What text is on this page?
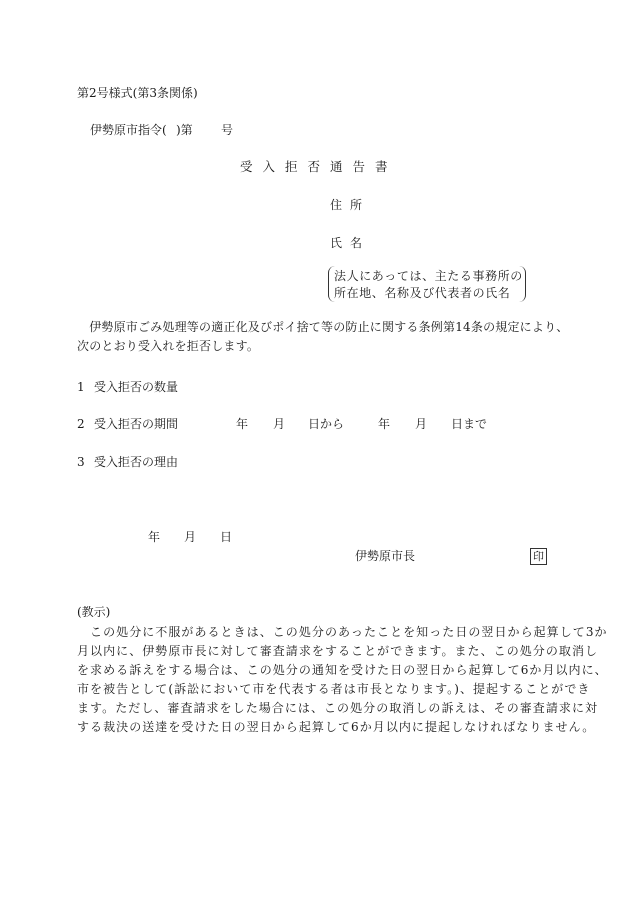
第2号様式(第3条関係)
伊勢原市指令( )第 号
受入拒否通告書
住所
氏名
法人にあっては、主たる事務所の
所在地、名称及び代表者の氏名
　伊勢原市ごみ処理等の適正化及びポイ捨て等の防止に関する条例第14条の規定により、
次のとおり受入れを拒否します。
1 受入拒否の数量
2 受入拒否の期間	年 月 日から	年 月 日まで
3 受入拒否の理由
年 月 日
伊勢原市長	印
(教示)
　この処分に不服があるときは、この処分のあったことを知った日の翌日から起算して3か
月以内に、伊勢原市長に対して審査請求をすることができます。また、この処分の取消し
を求める訴えをする場合は、この処分の通知を受けた日の翌日から起算して6か月以内に、
市を被告として(訴訟において市を代表する者は市長となります。)、提起することができ
ます。ただし、審査請求をした場合には、この処分の取消しの訴えは、その審査請求に対
する裁決の送達を受けた日の翌日から起算して6か月以内に提起しなければなりません。
